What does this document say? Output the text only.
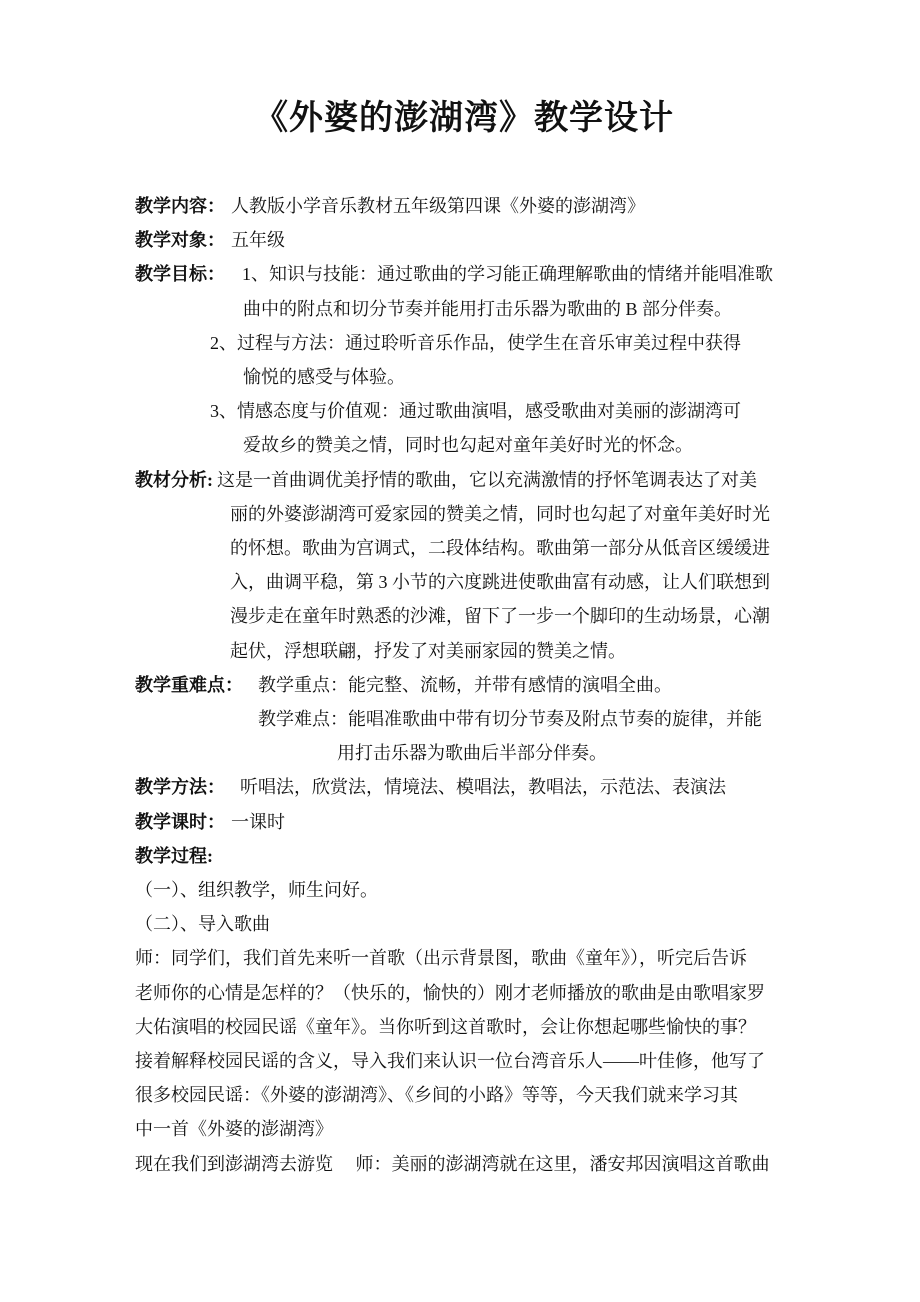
《外婆的澎湖湾》教学设计
教学内容： 人教版小学音乐教材五年级第四课《外婆的澎湖湾》
教学对象： 五年级
教学目标： 1、知识与技能：通过歌曲的学习能正确理解歌曲的情绪并能唱准歌
曲中的附点和切分节奏并能用打击乐器为歌曲的 B 部分伴奏。
2、过程与方法：通过聆听音乐作品，使学生在音乐审美过程中获得
愉悦的感受与体验。
3、情感态度与价值观：通过歌曲演唱，感受歌曲对美丽的澎湖湾可
爱故乡的赞美之情，同时也勾起对童年美好时光的怀念。
教材分析: 这是一首曲调优美抒情的歌曲，它以充满激情的抒怀笔调表达了对美
丽的外婆澎湖湾可爱家园的赞美之情，同时也勾起了对童年美好时光
的怀想。歌曲为宫调式，二段体结构。歌曲第一部分从低音区缓缓进
入，曲调平稳，第 3 小节的六度跳进使歌曲富有动感，让人们联想到
漫步走在童年时熟悉的沙滩，留下了一步一个脚印的生动场景，心潮
起伏，浮想联翩，抒发了对美丽家园的赞美之情。
教学重难点： 教学重点：能完整、流畅，并带有感情的演唱全曲。
教学难点：能唱准歌曲中带有切分节奏及附点节奏的旋律，并能
用打击乐器为歌曲后半部分伴奏。
教学方法： 听唱法，欣赏法，情境法、模唱法，教唱法，示范法、表演法
教学课时： 一课时
教学过程:
（一）、组织教学，师生问好。
（二）、导入歌曲
师：同学们，我们首先来听一首歌（出示背景图，歌曲《童年》），听完后告诉
老师你的心情是怎样的？（快乐的，愉快的）刚才老师播放的歌曲是由歌唱家罗
大佑演唱的校园民谣《童年》。当你听到这首歌时，会让你想起哪些愉快的事？
接着解释校园民谣的含义，导入我们来认识一位台湾音乐人——叶佳修，他写了
很多校园民谣：《外婆的澎湖湾》、《乡间的小路》等等，今天我们就来学习其
中一首《外婆的澎湖湾》
现在我们到澎湖湾去游览　 师：美丽的澎湖湾就在这里，潘安邦因演唱这首歌曲
